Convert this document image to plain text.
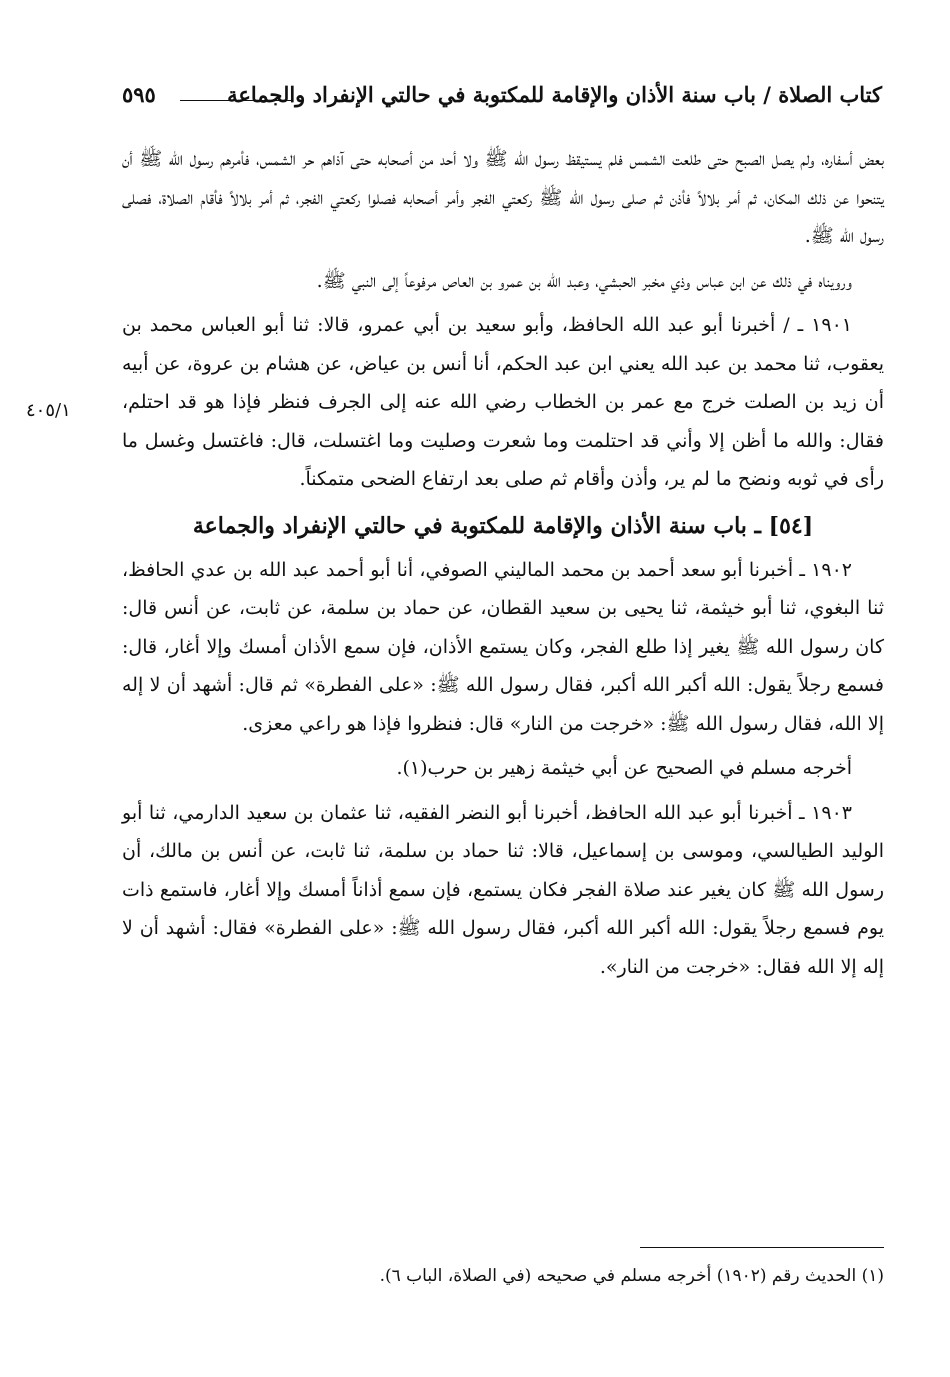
كتاب الصلاة / باب سنة الأذان والإقامة للمكتوبة في حالتي الإنفراد والجماعة
٥٩٥
٤٠٥/١

بعض أسفاره، ولم يصل الصبح حتى طلعت الشمس فلم يستيقظ رسول الله ﷺ ولا أحد من أصحابه حتى آذاهم حر الشمس، فأمرهم رسول الله ﷺ أن يتنحوا عن ذلك المكان، ثم أمر بلالاً فأذن ثم صلى رسول الله ﷺ ركعتي الفجر وأمر أصحابه فصلوا ركعتي الفجر، ثم أمر بلالاً فأقام الصلاة، فصلى رسول الله ﷺ.

ورويناه في ذلك عن ابن عباس وذي مخبر الحبشي، وعبد الله بن عمرو بن العاص مرفوعاً إلى النبي ﷺ.

١٩٠١ ـ / أخبرنا أبو عبد الله الحافظ، وأبو سعيد بن أبي عمرو، قالا: ثنا أبو العباس محمد بن يعقوب، ثنا محمد بن عبد الله يعني ابن عبد الحكم، أنا أنس بن عياض، عن هشام بن عروة، عن أبيه أن زيد بن الصلت خرج مع عمر بن الخطاب رضي الله عنه إلى الجرف فنظر فإذا هو قد احتلم، فقال: والله ما أظن إلا وأني قد احتلمت وما شعرت وصليت وما اغتسلت، قال: فاغتسل وغسل ما رأى في ثوبه ونضح ما لم ير، وأذن وأقام ثم صلى بعد ارتفاع الضحى متمكناً.

[٥٤] ـ باب سنة الأذان والإقامة للمكتوبة في حالتي الإنفراد والجماعة

١٩٠٢ ـ أخبرنا أبو سعد أحمد بن محمد الماليني الصوفي، أنا أبو أحمد عبد الله بن عدي الحافظ، ثنا البغوي، ثنا أبو خيثمة، ثنا يحيى بن سعيد القطان، عن حماد بن سلمة، عن ثابت، عن أنس قال: كان رسول الله ﷺ يغير إذا طلع الفجر، وكان يستمع الأذان، فإن سمع الأذان أمسك وإلا أغار، قال: فسمع رجلاً يقول: الله أكبر الله أكبر، فقال رسول الله ﷺ: «على الفطرة» ثم قال: أشهد أن لا إله إلا الله، فقال رسول الله ﷺ: «خرجت من النار» قال: فنظروا فإذا هو راعي معزى.

أخرجه مسلم في الصحيح عن أبي خيثمة زهير بن حرب(١).

١٩٠٣ ـ أخبرنا أبو عبد الله الحافظ، أخبرنا أبو النضر الفقيه، ثنا عثمان بن سعيد الدارمي، ثنا أبو الوليد الطيالسي، وموسى بن إسماعيل، قالا: ثنا حماد بن سلمة، ثنا ثابت، عن أنس بن مالك، أن رسول الله ﷺ كان يغير عند صلاة الفجر فكان يستمع، فإن سمع أذاناً أمسك وإلا أغار، فاستمع ذات يوم فسمع رجلاً يقول: الله أكبر الله أكبر، فقال رسول الله ﷺ: «على الفطرة» فقال: أشهد أن لا إله إلا الله فقال: «خرجت من النار».

(١) الحديث رقم (١٩٠٢) أخرجه مسلم في صحيحه (في الصلاة، الباب ٦).
